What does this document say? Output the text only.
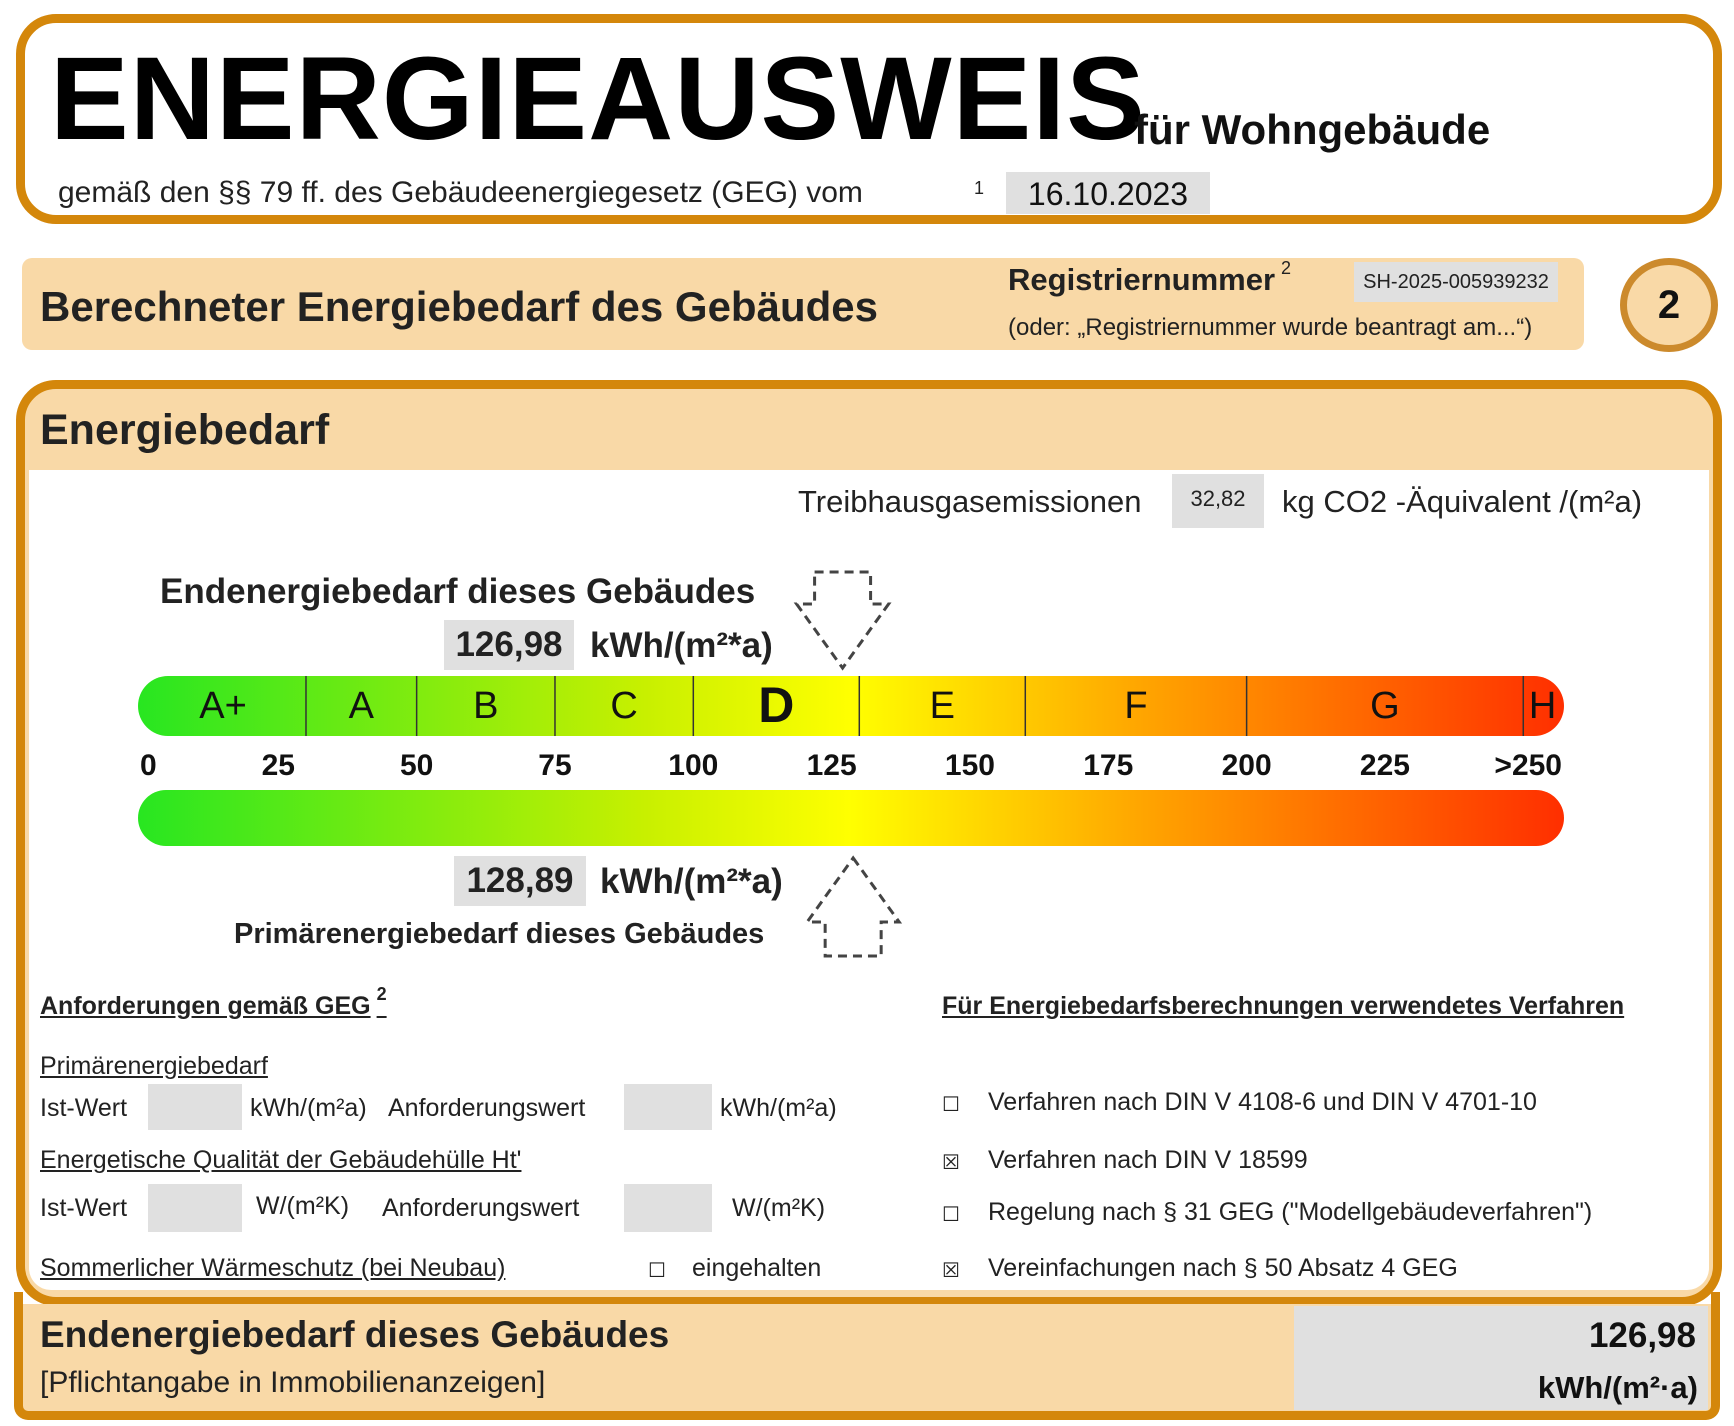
ENERGIEAUSWEIS
für Wohngebäude
gemäß den §§ 79 ff. des Gebäudeenergiegesetz (GEG) vom	1	16.10.2023
Berechneter Energiebedarf des Gebäudes
Registriernummer $^2$
SH-2025-005939232
(oder: „Registriernummer wurde beantragt am...“)
2
Energiebedarf
Treibhausgasemissionen	32,82	kg CO2 -Äquivalent /(m²a)
Endenergiebedarf dieses Gebäudes
126,98 kWh/(m²*a)
A+	A	B	C D	E	F	G	H
0	25	50	75	100	125	150	175	200	225	>250
128,89 kWh/(m²*a)
Primärenergiebedarf dieses Gebäudes
Anforderungen gemäß GEG $^2$
Primärenergiebedarf
Ist-Wert	kWh/(m²a) Anforderungswert	kWh/(m²a)
Energetische Qualität der Gebäudehülle Ht'
Ist-Wert	W/(m²K) Anforderungswert	W/(m²K)
Sommerlicher Wärmeschutz (bei Neubau)	☐ eingehalten
Für Energiebedarfsberechnungen verwendetes Verfahren
☐ Verfahren nach DIN V 4108-6 und DIN V 4701-10
☒ Verfahren nach DIN V 18599
☐ Regelung nach § 31 GEG ("Modellgebäudeverfahren")
☒ Vereinfachungen nach § 50 Absatz 4 GEG
Endenergiebedarf dieses Gebäudes
[Pflichtangabe in Immobilienanzeigen]
126,98
kWh/(m²·a)
